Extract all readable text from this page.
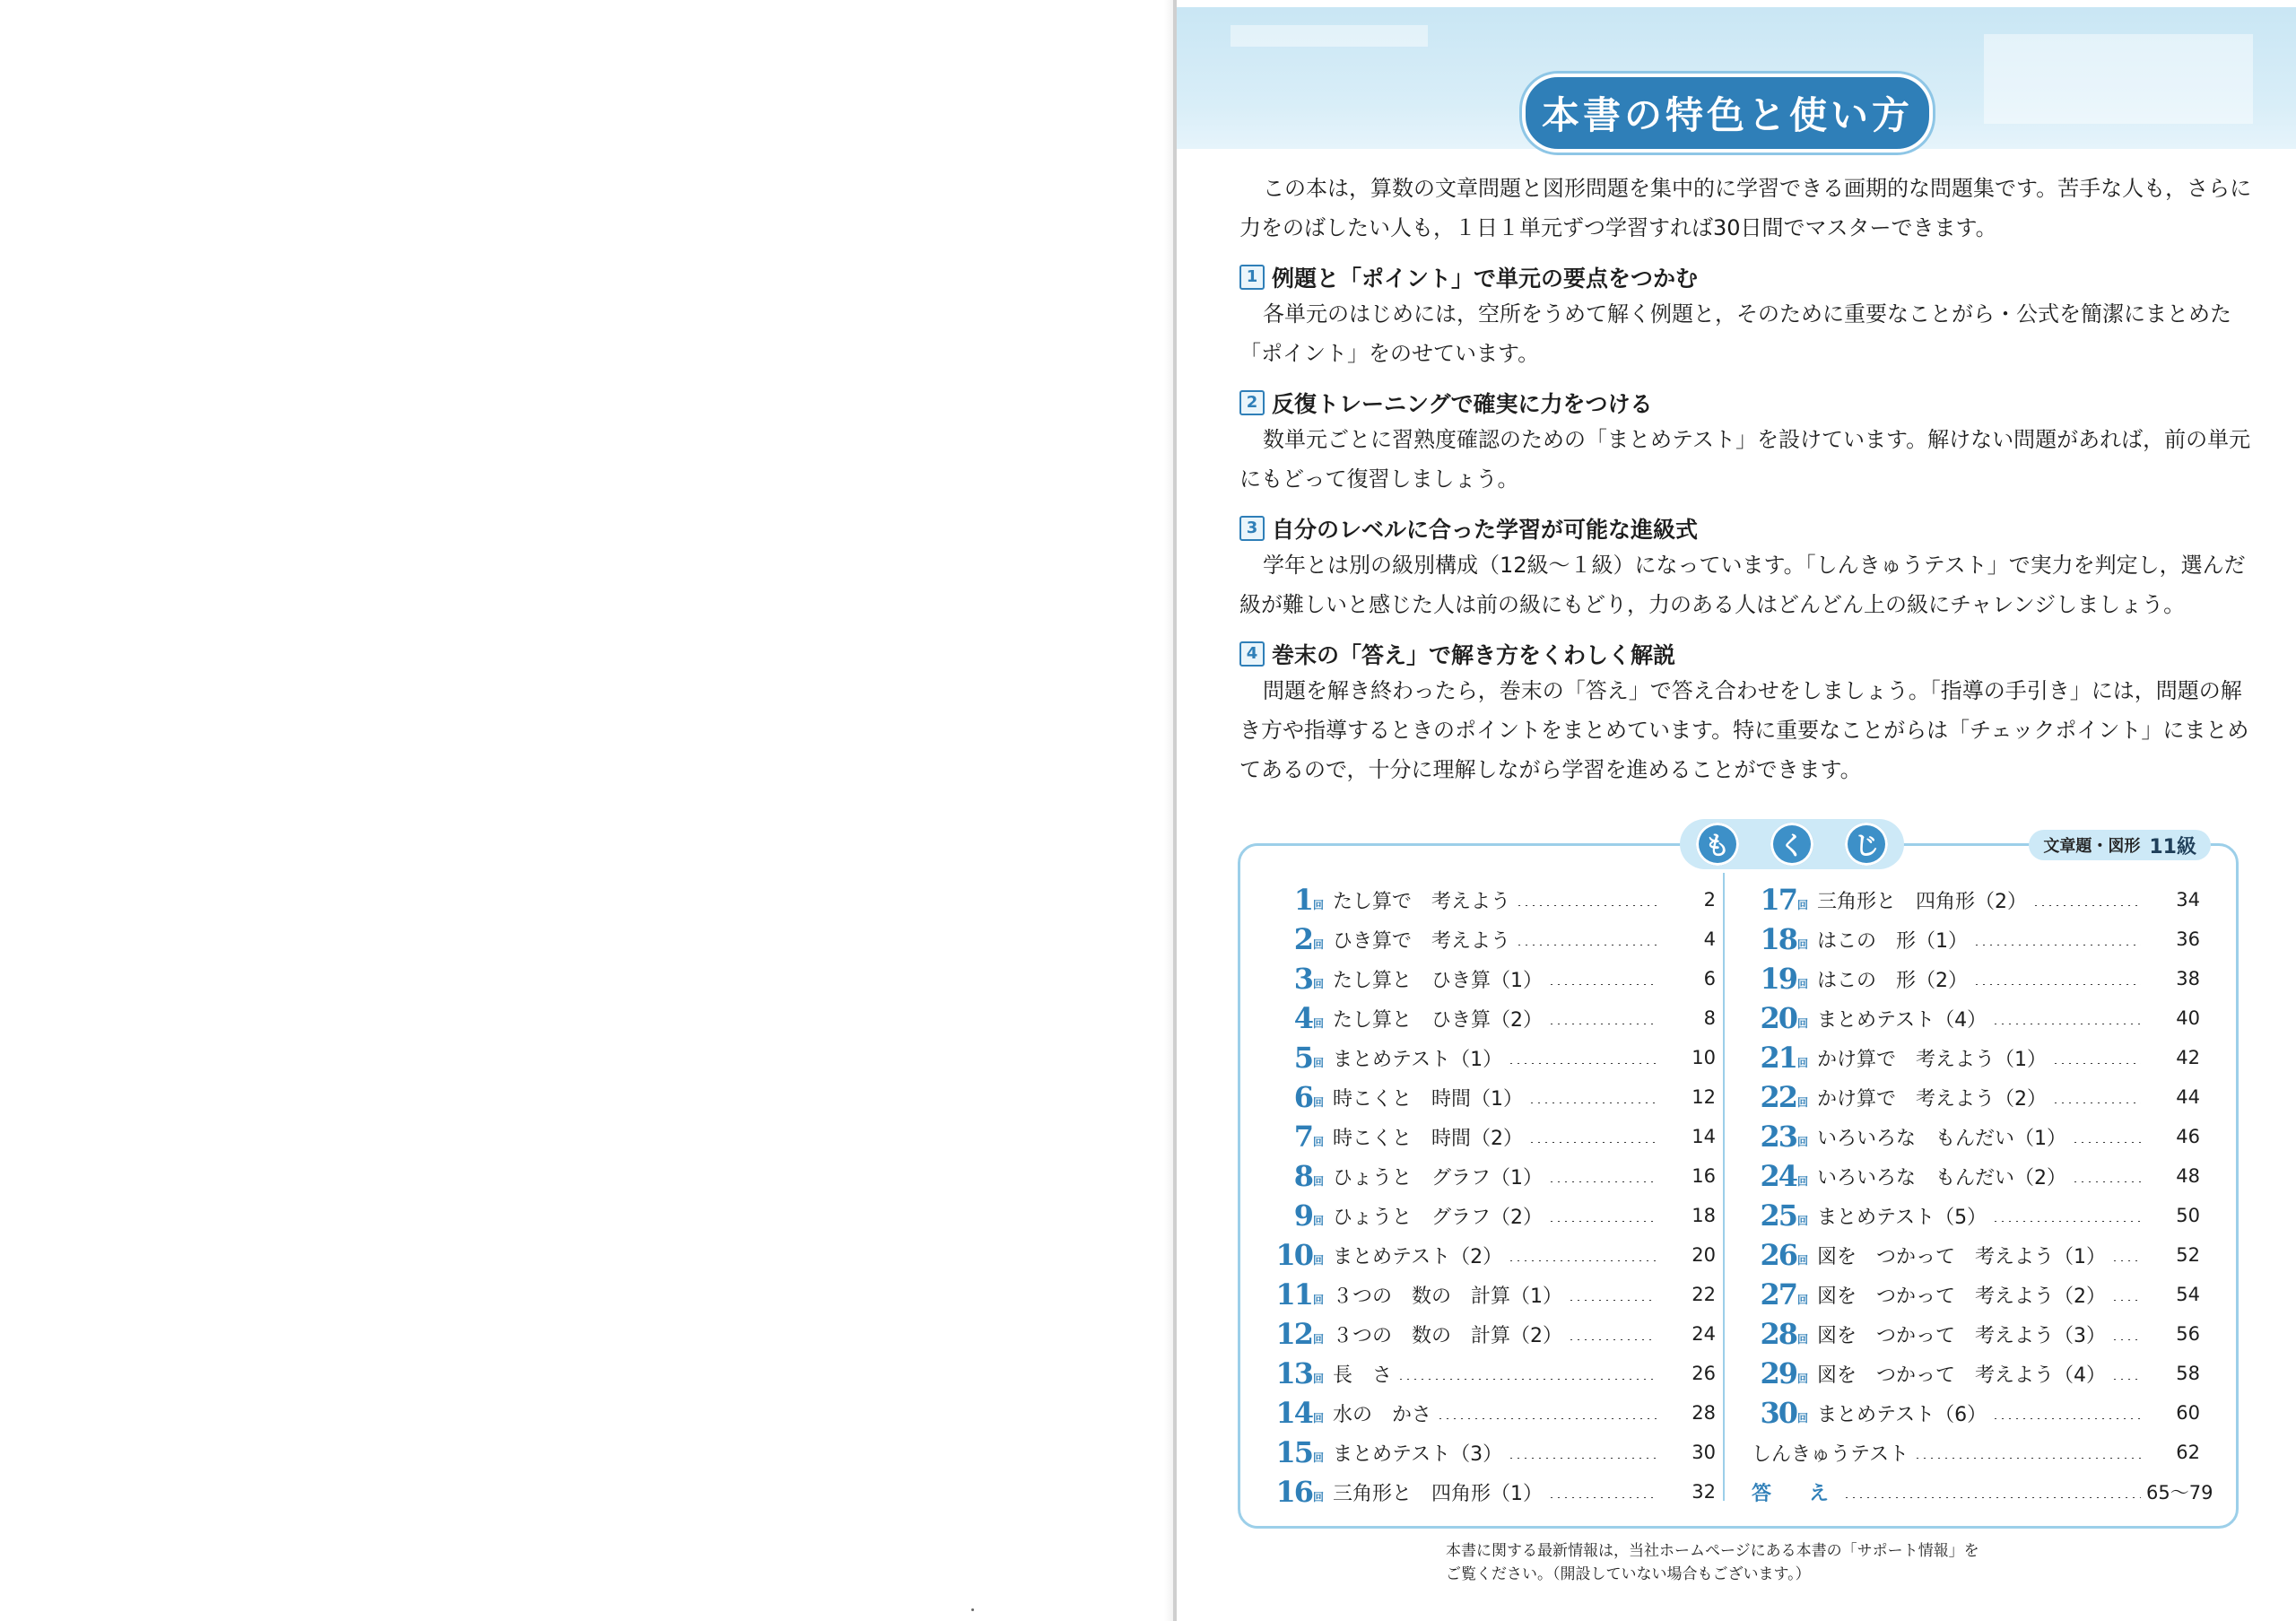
本書の特色と使い方

この本は，算数の文章問題と図形問題を集中的に学習できる画期的な問題集です。苦手な人も，さらに力をのばしたい人も，１日１単元ずつ学習すれば30日間でマスターできます。

1 例題と「ポイント」で単元の要点をつかむ

各単元のはじめには，空所をうめて解く例題と，そのために重要なことがら・公式を簡潔にまとめた「ポイント」をのせています。

2 反復トレーニングで確実に力をつける

数単元ごとに習熟度確認のための「まとめテスト」を設けています。解けない問題があれば，前の単元にもどって復習しましょう。

3 自分のレベルに合った学習が可能な進級式

学年とは別の級別構成（12級～１級）になっています。「しんきゅうテスト」で実力を判定し，選んだ級が難しいと感じた人は前の級にもどり，力のある人はどんどん上の級にチャレンジしましょう。

4 巻末の「答え」で解き方をくわしく解説

問題を解き終わったら，巻末の「答え」で答え合わせをしましょう。「指導の手引き」には，問題の解き方や指導するときのポイントをまとめています。特に重要なことがらは「チェックポイント」にまとめてあるので，十分に理解しながら学習を進めることができます。

も	く	じ	文章題・図形 11級
1 回 たし算で　考えよう	2
2 回 ひき算で　考えよう	4
3 回 たし算と　ひき算（1）	6
4 回 たし算と　ひき算（2）	8
5 回 まとめテスト（1）	10
6 回 時こくと　時間（1）	12
7 回 時こくと　時間（2）	14
8 回 ひょうと　グラフ（1）	16
9 回 ひょうと　グラフ（2）	18
10 回 まとめテスト（2）	20
11 回 ３つの　数の　計算（1）	22
12 回 ３つの　数の　計算（2）	24
13 回 長　さ	26
14 回 水の　かさ	28
15 回 まとめテスト（3）	30
16 回 三角形と　四角形（1）	32
17 回 三角形と　四角形（2）	34
18 回 はこの　形（1）	36
19 回 はこの　形（2）	38
20 回 まとめテスト（4）	40
21 回 かけ算で　考えよう（1）	42
22 回 かけ算で　考えよう（2）	44
23 回 いろいろな　もんだい（1）	46
24 回 いろいろな　もんだい（2）	48
25 回 まとめテスト（5）	50
26 回 図を　つかって　考えよう（1）	52
27 回 図を　つかって　考えよう（2）	54
28 回 図を　つかって　考えよう（3）	56
29 回 図を　つかって　考えよう（4）	58
30 回 まとめテスト（6）	60
しんきゅうテスト	62
答　え	65～79
本書に関する最新情報は，当社ホームページにある本書の「サポート情報」を
ご覧ください。（開設していない場合もございます。）
